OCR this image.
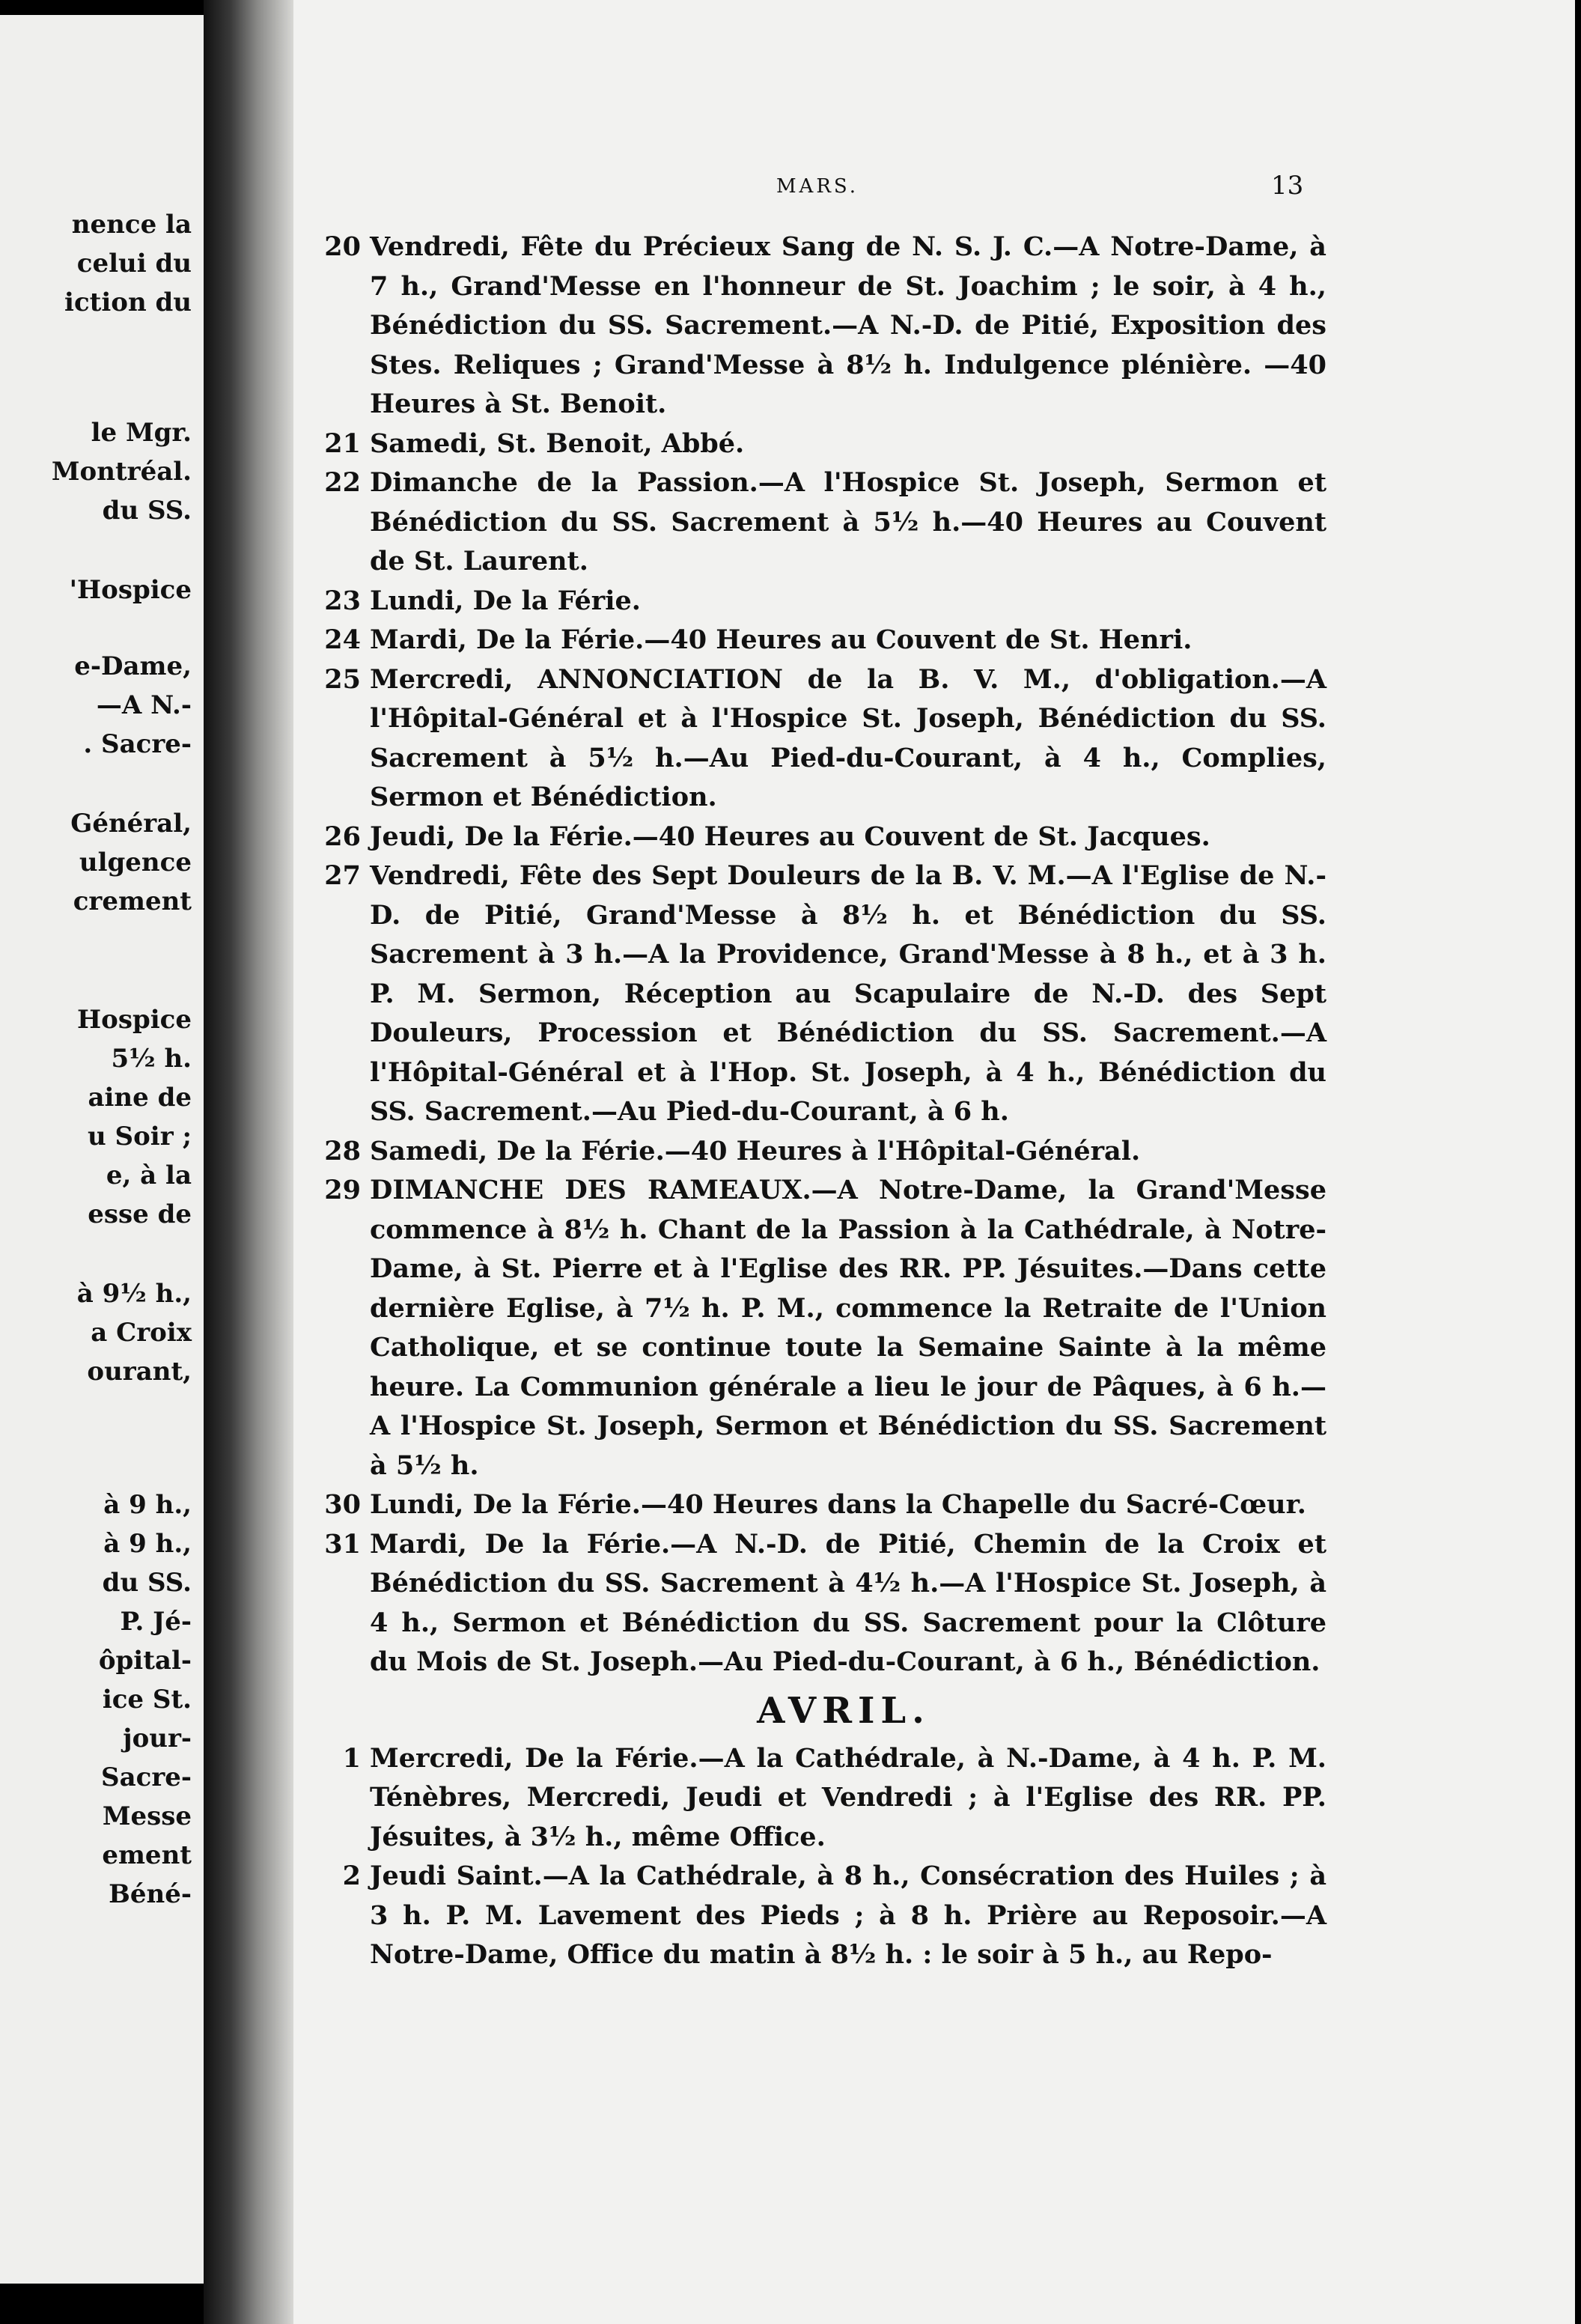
nence la
celui du
iction du
le Mgr.
Montréal.
du SS.
'Hospice
e-Dame,
—A N.-
. Sacre-
Général,
ulgence
crement
Hospice
5½ h.
aine de
u Soir ;
e, à la
esse de
à 9½ h.,
a Croix
ourant,
à 9 h.,
à 9 h.,
du SS.
P. Jé-
ôpital-
ice St.
jour-
Sacre-
Messe
ement
Béné-
MARS.	13
20 Vendredi, Fête du Précieux Sang de N. S. J. C.—A Notre-Dame, à 7 h., Grand'Messe en l'honneur de St. Joachim ; le soir, à 4 h., Bénédiction du SS. Sacrement.—A N.-D. de Pitié, Exposition des Stes. Reliques ; Grand'Messe à 8½ h. Indulgence plénière. —40 Heures à St. Benoit.
21 Samedi, St. Benoit, Abbé.
22 Dimanche de la Passion.—A l'Hospice St. Joseph, Sermon et Bénédiction du SS. Sacrement à 5½ h.—40 Heures au Couvent de St. Laurent.
23 Lundi, De la Férie.
24 Mardi, De la Férie.—40 Heures au Couvent de St. Henri.
25 Mercredi, ANNONCIATION de la B. V. M., d'obligation.—A l'Hôpital-Général et à l'Hospice St. Joseph, Bénédiction du SS. Sacrement à 5½ h.—Au Pied-du-Courant, à 4 h., Complies, Sermon et Bénédiction.
26 Jeudi, De la Férie.—40 Heures au Couvent de St. Jacques.
27 Vendredi, Fête des Sept Douleurs de la B. V. M.—A l'Eglise de N.-D. de Pitié, Grand'Messe à 8½ h. et Bénédiction du SS. Sacrement à 3 h.—A la Providence, Grand'Messe à 8 h., et à 3 h. P. M. Sermon, Réception au Scapulaire de N.-D. des Sept Douleurs, Procession et Bénédiction du SS. Sacrement.—A l'Hôpital-Général et à l'Hop. St. Joseph, à 4 h., Bénédiction du SS. Sacrement.—Au Pied-du-Courant, à 6 h.
28 Samedi, De la Férie.—40 Heures à l'Hôpital-Général.
29 DIMANCHE DES RAMEAUX.—A Notre-Dame, la Grand'Messe commence à 8½ h. Chant de la Passion à la Cathédrale, à Notre-Dame, à St. Pierre et à l'Eglise des RR. PP. Jésuites.—Dans cette dernière Eglise, à 7½ h. P. M., commence la Retraite de l'Union Catholique, et se continue toute la Semaine Sainte à la même heure. La Communion générale a lieu le jour de Pâques, à 6 h.—A l'Hospice St. Joseph, Sermon et Bénédiction du SS. Sacrement à 5½ h.
30 Lundi, De la Férie.—40 Heures dans la Chapelle du Sacré-Cœur.
31 Mardi, De la Férie.—A N.-D. de Pitié, Chemin de la Croix et Bénédiction du SS. Sacrement à 4½ h.—A l'Hospice St. Joseph, à 4 h., Sermon et Bénédiction du SS. Sacrement pour la Clôture du Mois de St. Joseph.—Au Pied-du-Courant, à 6 h., Bénédiction.
AVRIL.
1 Mercredi, De la Férie.—A la Cathédrale, à N.-Dame, à 4 h. P. M. Ténèbres, Mercredi, Jeudi et Vendredi ; à l'Eglise des RR. PP. Jésuites, à 3½ h., même Office.
2 Jeudi Saint.—A la Cathédrale, à 8 h., Consécration des Huiles ; à 3 h. P. M. Lavement des Pieds ; à 8 h. Prière au Reposoir.—A Notre-Dame, Office du matin à 8½ h. : le soir à 5 h., au Repo-
